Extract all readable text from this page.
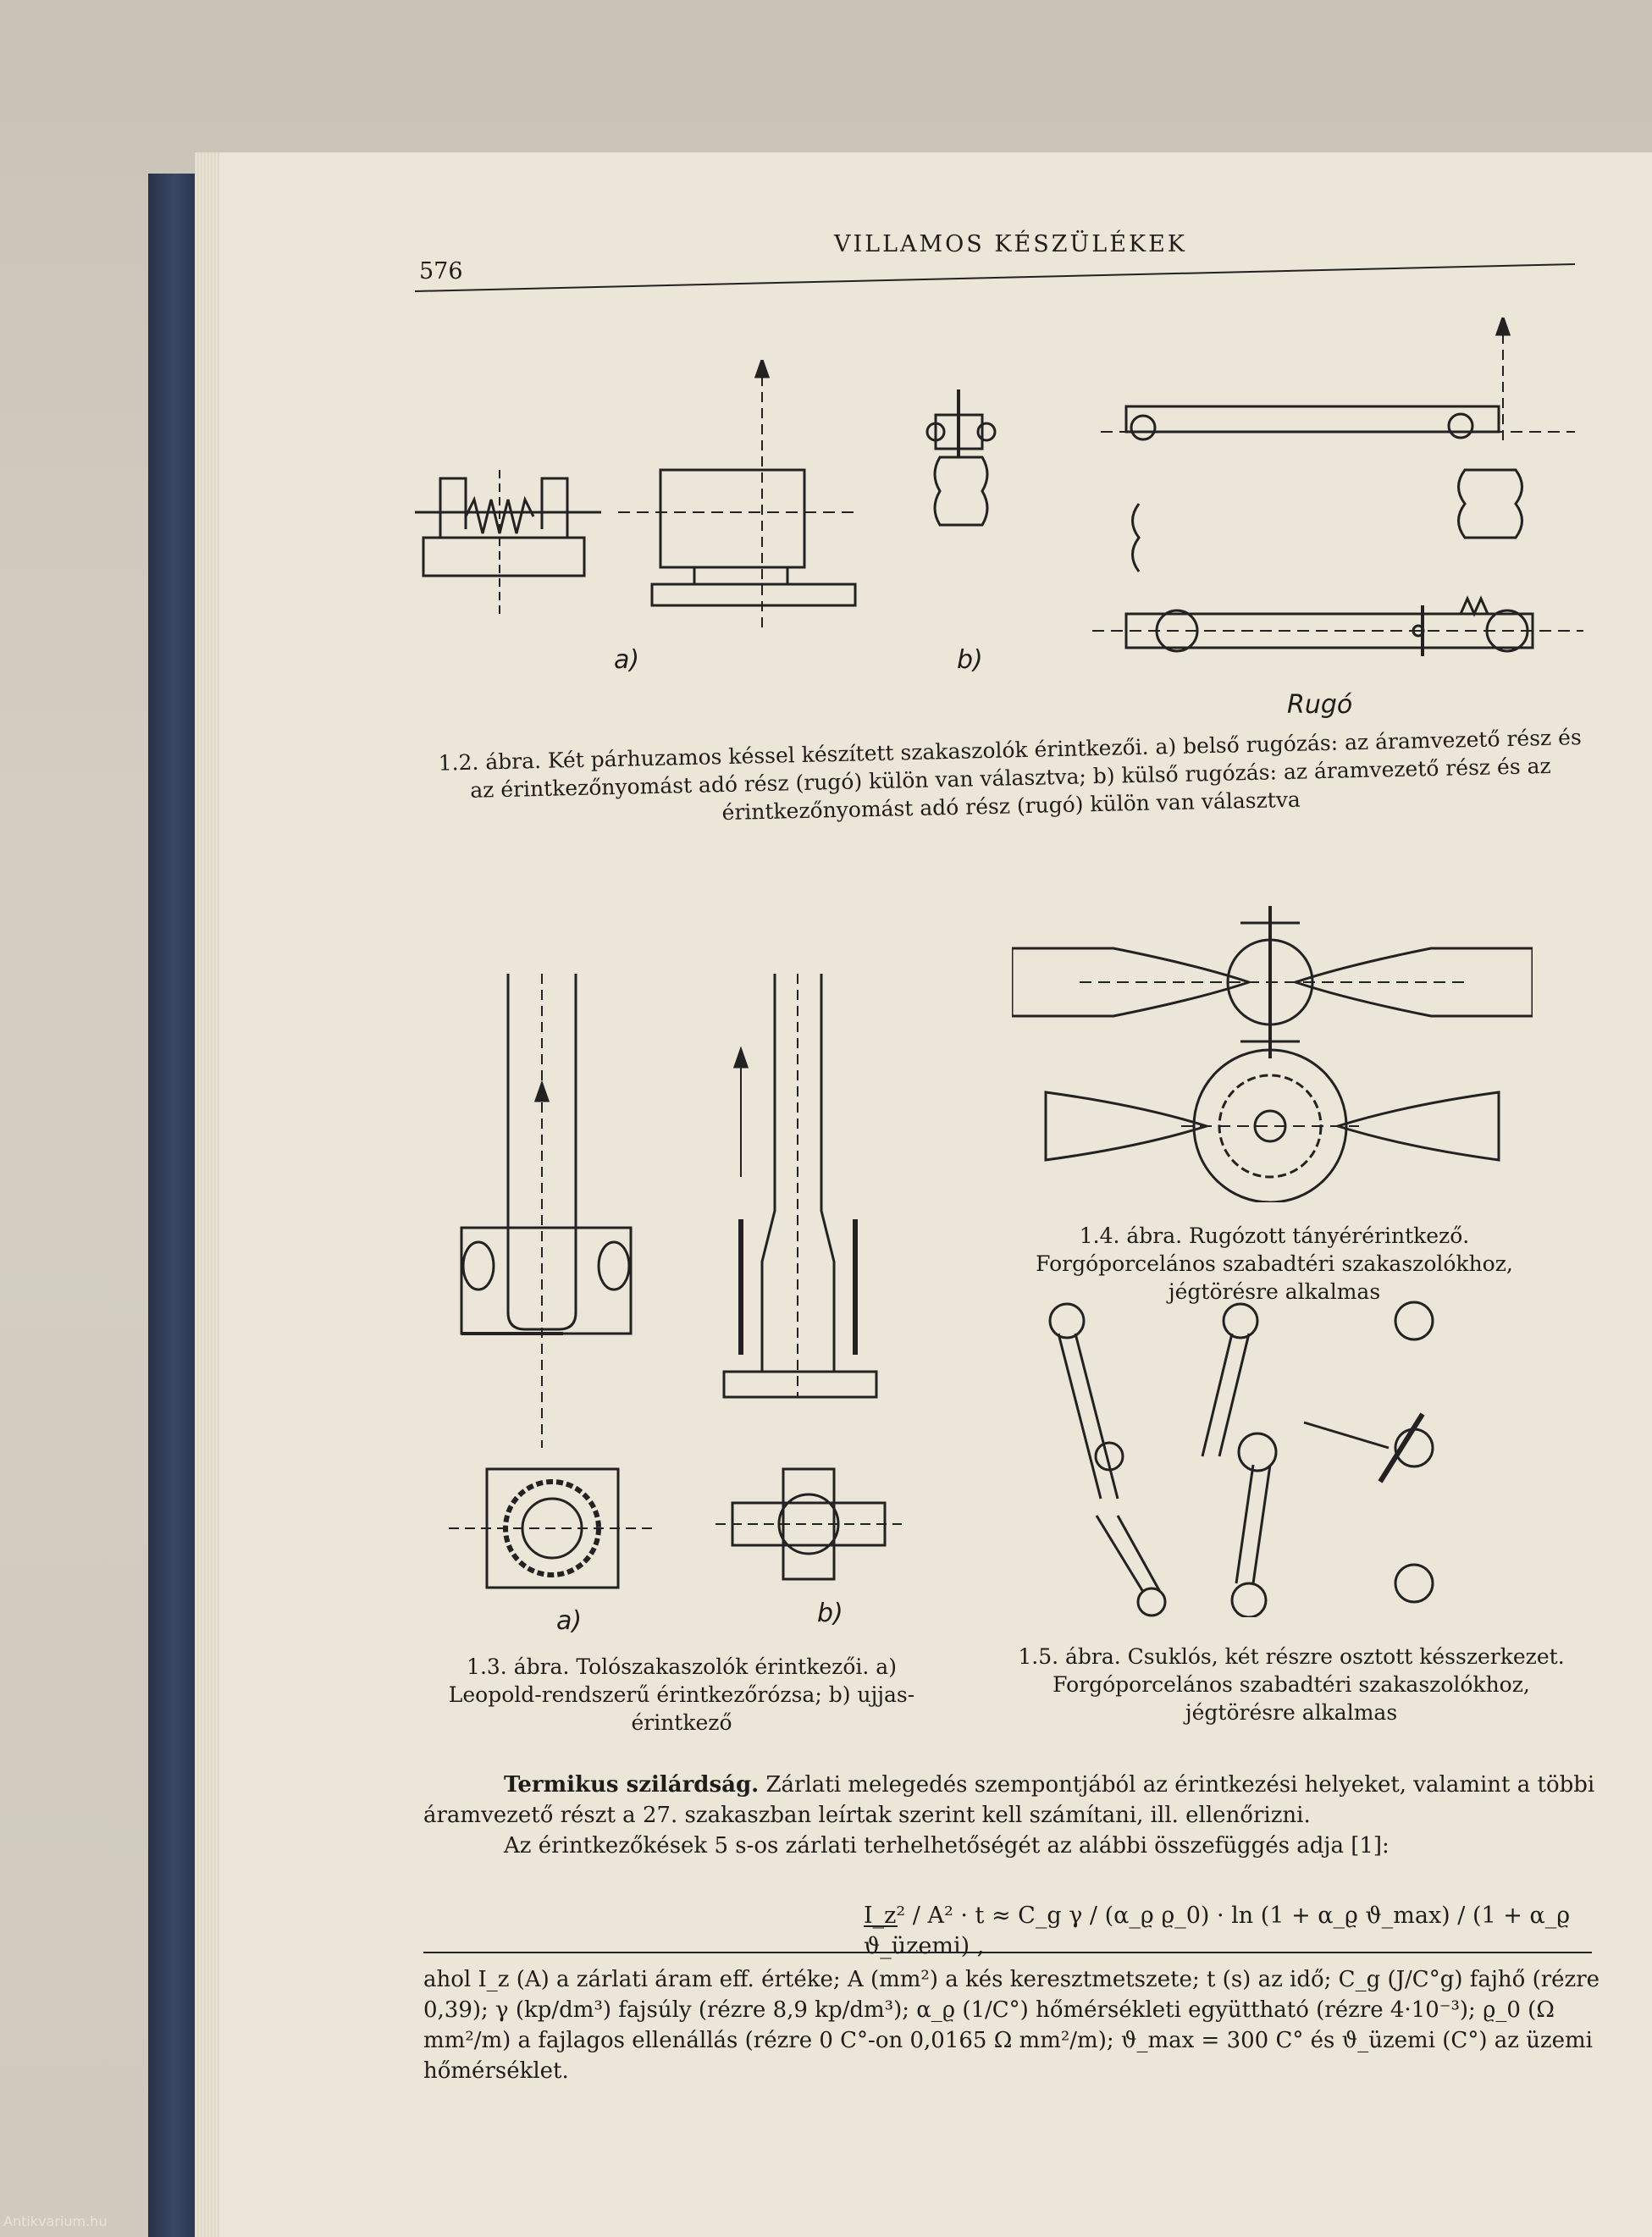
576
VILLAMOS KÉSZÜLÉKEK
a)	b)
Rugó
1.2. ábra. Két párhuzamos késsel készített szakaszolók érintkezői. a) belső rugózás: az áramvezető rész és az érintkezőnyomást adó rész (rugó) külön van választva; b) külső rugózás: az áramvezető rész és az érintkezőnyomást adó rész (rugó) külön van választva
a)	b)
1.3. ábra. Tolószakaszolók érintkezői. a) Leopold-rendszerű érintkezőrózsa; b) ujjas-érintkező
1.4. ábra. Rugózott tányérérintkező. Forgóporcelános szabadtéri szakaszolókhoz, jégtörésre alkalmas
1.5. ábra. Csuklós, két részre osztott késszerkezet. Forgóporcelános szabadtéri szakaszolókhoz, jégtörésre alkalmas
Termikus szilárdság. Zárlati melegedés szempontjából az érintkezési helyeket, valamint a többi áramvezető részt a 27. szakaszban leírtak szerint kell számítani, ill. ellenőrizni.
Az érintkezőkések 5 s-os zárlati terhelhetőségét az alábbi összefüggés adja [1]:
I_z² / A² · t ≈ C_g γ / (α_ϱ ϱ_0) · ln (1 + α_ϱ ϑ_max) / (1 + α_ϱ ϑ_üzemi) ,
ahol I_z (A) a zárlati áram eff. értéke; A (mm²) a kés keresztmetszete; t (s) az idő; C_g (J/C°g) fajhő (rézre 0,39); γ (kp/dm³) fajsúly (rézre 8,9 kp/dm³); α_ϱ (1/C°) hőmérsékleti együttható (rézre 4·10⁻³); ϱ_0 (Ω mm²/m) a fajlagos ellenállás (rézre 0 C°-on 0,0165 Ω mm²/m); ϑ_max = 300 C° és ϑ_üzemi (C°) az üzemi hőmérséklet.
Antikvarium.hu
